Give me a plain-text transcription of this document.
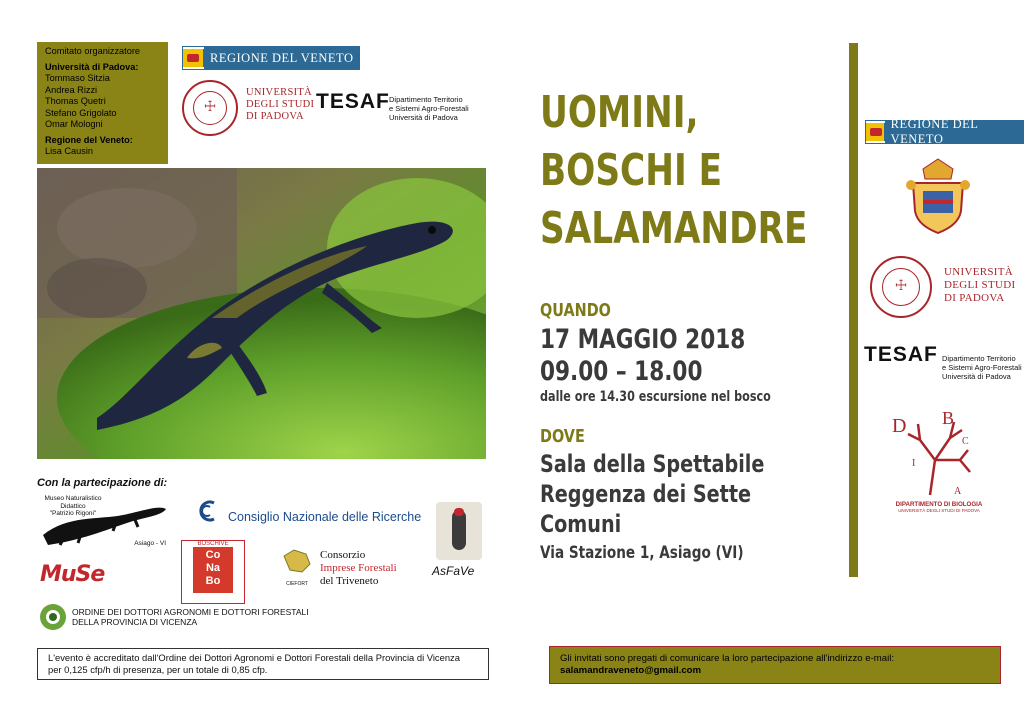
Comitato organizzatore
Università di Padova:
Tommaso Sitzia
Andrea Rizzi
Thomas Quetri
Stefano Grigolato
Omar Mologni
Regione del Veneto:
Lisa Causin
REGIONE DEL VENETO
☩
UNIVERSITÀ
DEGLI STUDI
DI PADOVA
TESAF Dipartimento Territorio
e Sistemi Agro-Forestali
Università di Padova
Con la partecipazione di:
Museo Naturalistico Didattico
"Patrizio Rigoni"
Asiago - VI
Consiglio Nazionale delle Ricerche
AsFaVe
MuSe
BOSCHIVE
Co
Na
Bo	CIEFORT
Consorzio
Imprese Forestali
del Triveneto
ORDINE DEI DOTTORI AGRONOMI E DOTTORI FORESTALI
DELLA PROVINCIA DI VICENZA
L'evento è accreditato dall'Ordine dei Dottori Agronomi e Dottori Forestali della Provincia di Vicenza
per 0,125 cfp/h di presenza, per un totale di 0,85 cfp.
UOMINI,
BOSCHI E
SALAMANDRE
QUANDO
17 MAGGIO 2018
09.00 – 18.00
dalle ore 14.30 escursione nel bosco
DOVE
Sala della Spettabile
Reggenza dei Sette
Comuni
Via Stazione 1, Asiago (VI)
REGIONE DEL VENETO
☩
UNIVERSITÀ
DEGLI STUDI
DI PADOVA
TESAF Dipartimento Territorio
e Sistemi Agro-Forestali
Università di Padova
D B
C
I
A
DIPARTIMENTO DI BIOLOGIA
UNIVERSITÀ DEGLI STUDI DI PADOVA
Gli invitati sono pregati di comunicare la loro partecipazione all'indirizzo e-mail:
salamandraveneto@gmail.com
